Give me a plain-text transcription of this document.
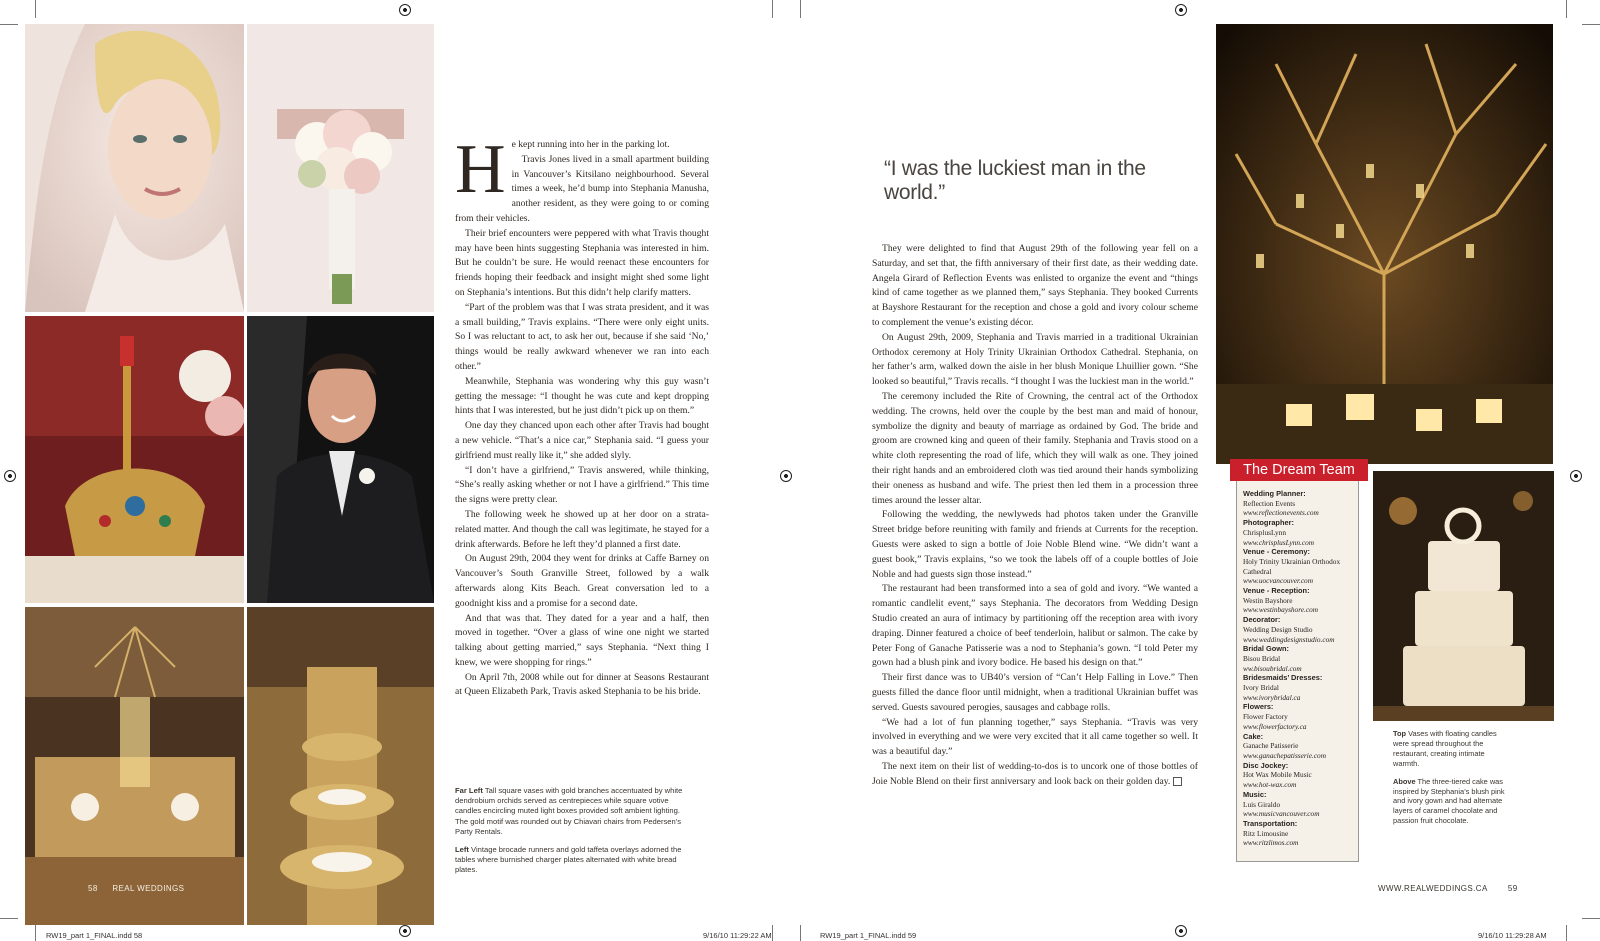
H e kept running into her in the parking lot.

Travis Jones lived in a small apartment building in Vancouver’s Kitsilano neighbourhood. Several times a week, he’d bump into Stephania Manusha, another resident, as they were going to or coming from their vehicles.

Their brief encounters were peppered with what Travis thought may have been hints suggesting Stephania was interested in him. But he couldn’t be sure. He would reenact these encounters for friends hoping their feedback and insight might shed some light on Stephania’s intentions. But this didn’t help clarify matters.

“Part of the problem was that I was strata president, and it was a small building,” Travis explains. “There were only eight units. So I was reluctant to act, to ask her out, because if she said ‘No,’ things would be really awkward whenever we ran into each other.”

Meanwhile, Stephania was wondering why this guy wasn’t getting the message: “I thought he was cute and kept dropping hints that I was interested, but he just didn’t pick up on them.”

One day they chanced upon each other after Travis had bought a new vehicle. “That’s a nice car,” Stephania said. “I guess your girlfriend must really like it,” she added slyly.

“I don’t have a girlfriend,” Travis answered, while thinking, “She’s really asking whether or not I have a girlfriend.” This time the signs were pretty clear.

The following week he showed up at her door on a strata-related matter. And though the call was legitimate, he stayed for a drink afterwards. Before he left they’d planned a first date.

On August 29th, 2004 they went for drinks at Caffe Barney on Vancouver’s South Granville Street, followed by a walk afterwards along Kits Beach. Great conversation led to a goodnight kiss and a promise for a second date.

And that was that. They dated for a year and a half, then moved in together. “Over a glass of wine one night we started talking about getting married,” says Stephania. “Next thing I knew, we were shopping for rings.”

On April 7th, 2008 while out for dinner at Seasons Restaurant at Queen Elizabeth Park, Travis asked Stephania to be his bride.

Far Left Tall square vases with gold branches accentuated by white dendrobium orchids served as centrepieces while square votive candles encircling muted light boxes provided soft ambient lighting. The gold motif was rounded out by Chiavari chairs from Pedersen’s Party Rentals.

Left Vintage brocade runners and gold taffeta overlays adorned the tables where burnished charger plates alternated with white bread plates.

58 REAL WEDDINGS
RW19_part 1_FINAL.indd 58	9/16/10 11:29:22 AM
“I was the luckiest man in the world.”

They were delighted to find that August 29th of the following year fell on a Saturday, and set that, the fifth anniversary of their first date, as their wedding date. Angela Girard of Reflection Events was enlisted to organize the event and “things kind of came together as we planned them,” says Stephania. They booked Currents at Bayshore Restaurant for the reception and chose a gold and ivory colour scheme to complement the venue’s existing décor.

On August 29th, 2009, Stephania and Travis married in a traditional Ukrainian Orthodox ceremony at Holy Trinity Ukrainian Orthodox Cathedral. Stephania, on her father’s arm, walked down the aisle in her blush Monique Lhuillier gown. “She looked so beautiful,” Travis recalls. “I thought I was the luckiest man in the world.”

The ceremony included the Rite of Crowning, the central act of the Orthodox wedding. The crowns, held over the couple by the best man and maid of honour, symbolize the dignity and beauty of marriage as ordained by God. The bride and groom are crowned king and queen of their family. Stephania and Travis stood on a white cloth representing the road of life, which they will walk as one. They joined their right hands and an embroidered cloth was tied around their hands symbolizing their oneness as husband and wife. The priest then led them in a procession three times around the lesser altar.

Following the wedding, the newlyweds had photos taken under the Granville Street bridge before reuniting with family and friends at Currents for the reception. Guests were asked to sign a bottle of Joie Noble Blend wine. “We didn’t want a guest book,” Travis explains, “so we took the labels off of a couple bottles of Joie Noble and had guests sign those instead.”

The restaurant had been transformed into a sea of gold and ivory. “We wanted a romantic candlelit event,” says Stephania. The decorators from Wedding Design Studio created an aura of intimacy by partitioning off the reception area with ivory draping. Dinner featured a choice of beef tenderloin, halibut or salmon. The cake by Peter Fong of Ganache Patisserie was a nod to Stephania’s gown. “I told Peter my gown had a blush pink and ivory bodice. He based his design on that.”

Their first dance was to UB40’s version of “Can’t Help Falling in Love.” Then guests filled the dance floor until midnight, when a traditional Ukrainian buffet was served. Guests savoured perogies, sausages and cabbage rolls.

“We had a lot of fun planning together,” says Stephania. “Travis was very involved in everything and we were very excited that it all came together so well. It was a beautiful day.”

The next item on their list of wedding-to-dos is to uncork one of those bottles of Joie Noble Blend on their first anniversary and look back on their golden day.

The Dream Team
Wedding Planner:
Reflection Events
www.reflectionevents.com
Photographer:
ChrisplusLynn
www.chrisplusLynn.com
Venue - Ceremony:
Holy Trinity Ukrainian Orthodox Cathedral
www.uocvancouver.com
Venue - Reception:
Westin Bayshore
www.westinbayshore.com
Decorator:
Wedding Design Studio
www.weddingdesignstudio.com
Bridal Gown:
Bisou Bridal
ww.bisoubridal.com
Bridesmaids’ Dresses:
Ivory Bridal
www.ivorybridal.ca
Flowers:
Flower Factory
www.flowerfactory.ca
Cake:
Ganache Patisserie
www.ganachepatisserie.com
Disc Jockey:
Hot Wax Mobile Music
www.hot-wax.com
Music:
Luis Giraldo
www.musicvancouver.com
Transportation:
Ritz Limousine
www.ritzlimos.com

Top Vases with floating candles were spread throughout the restaurant, creating intimate warmth.

Above The three-tiered cake was inspired by Stephania’s blush pink and ivory gown and had alternate layers of caramel chocolate and passion fruit chocolate.

WWW.REALWEDDINGS.CA	59
RW19_part 1_FINAL.indd 59	9/16/10 11:29:28 AM
